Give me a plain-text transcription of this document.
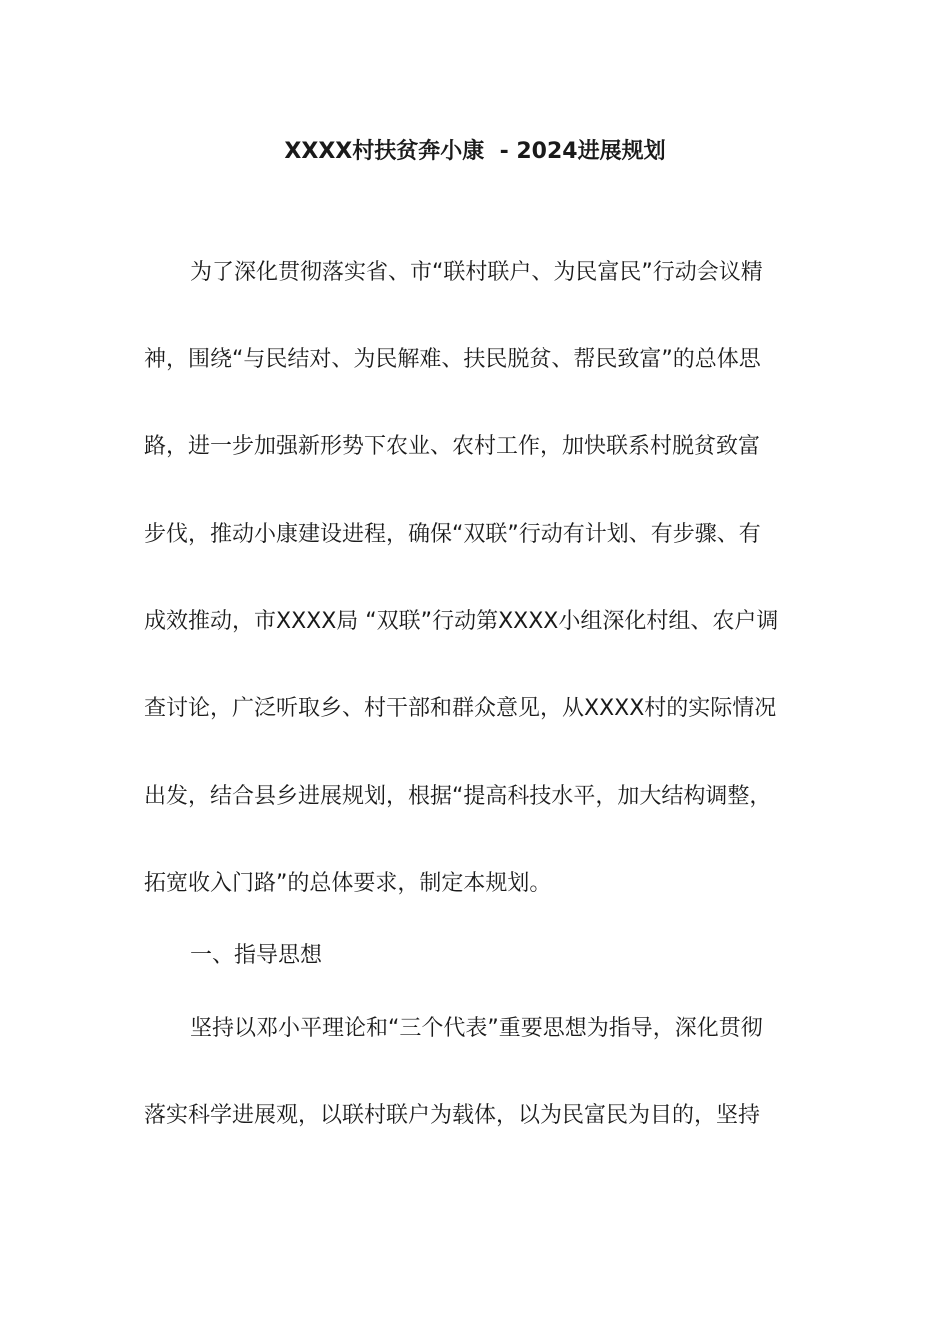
XXXX村扶贫奔小康  - 2024进展规划
为了深化贯彻落实省、市“联村联户、为民富民”行动会议精
神，围绕“与民结对、为民解难、扶民脱贫、帮民致富”的总体思
路，进一步加强新形势下农业、农村工作，加快联系村脱贫致富
步伐，推动小康建设进程，确保“双联”行动有计划、有步骤、有
成效推动，市XXXX局 “双联”行动第XXXX小组深化村组、农户调
查讨论，广泛听取乡、村干部和群众意见，从XXXX村的实际情况
出发，结合县乡进展规划，根据“提高科技水平，加大结构调整，
拓宽收入门路”的总体要求，制定本规划。
一、指导思想
坚持以邓小平理论和“三个代表”重要思想为指导，深化贯彻
落实科学进展观，以联村联户为载体，以为民富民为目的，坚持
